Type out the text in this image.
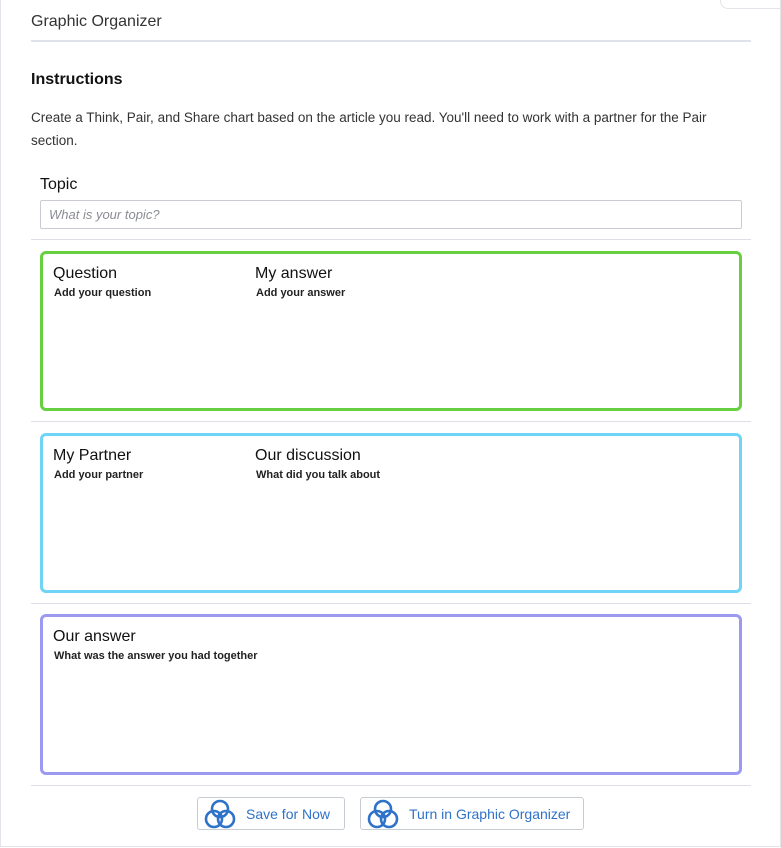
Graphic Organizer
Instructions
Create a Think, Pair, and Share chart based on the article you read. You'll need to work with a partner for the Pair section.
Topic
What is your topic?
Question
Add your question
My answer
Add your answer
My Partner
Add your partner
Our discussion
What did you talk about
Our answer
What was the answer you had together
Save for Now	Turn in Graphic Organizer
